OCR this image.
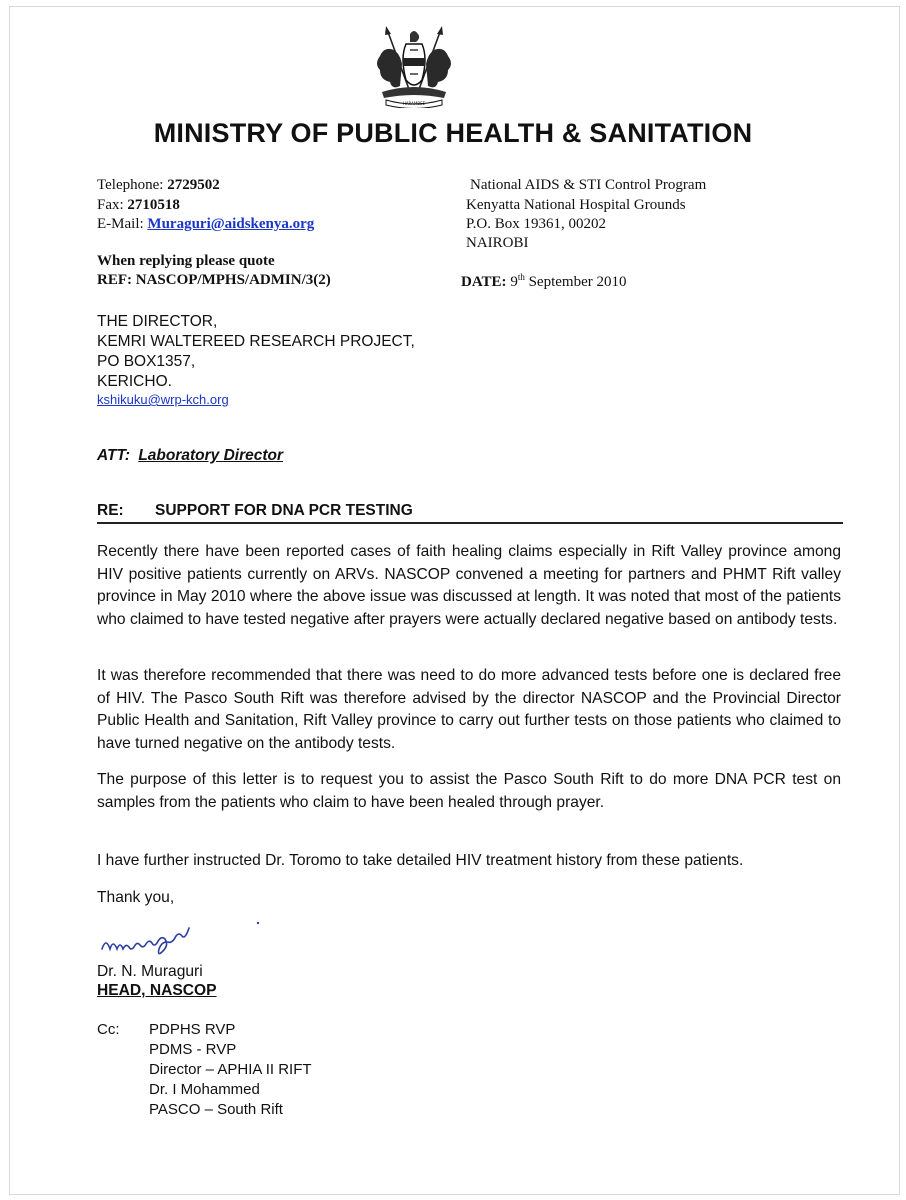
HARAMBEE
MINISTRY OF PUBLIC HEALTH & SANITATION
Telephone: 2729502
Fax: 2710518
E-Mail: Muraguri@aidskenya.org
National AIDS & STI Control Program
Kenyatta National Hospital Grounds
P.O. Box 19361, 00202
NAIROBI
When replying please quote
REF: NASCOP/MPHS/ADMIN/3(2)	DATE: 9th September 2010
THE DIRECTOR,
KEMRI WALTEREED RESEARCH PROJECT,
PO BOX1357,
KERICHO.
kshikuku@wrp-kch.org
ATT: Laboratory Director
RE: SUPPORT FOR DNA PCR TESTING
Recently there have been reported cases of faith healing claims especially in Rift Valley province among HIV positive patients currently on ARVs. NASCOP convened a meeting for partners and PHMT Rift valley province in May 2010 where the above issue was discussed at length. It was noted that most of the patients who claimed to have tested negative after prayers were actually declared negative based on antibody tests.
It was therefore recommended that there was need to do more advanced tests before one is declared free of HIV. The Pasco South Rift was therefore advised by the director NASCOP and the Provincial Director Public Health and Sanitation, Rift Valley province to carry out further tests on those patients who claimed to have turned negative on the antibody tests.
The purpose of this letter is to request you to assist the Pasco South Rift to do more DNA PCR test on samples from the patients who claim to have been healed through prayer.
I have further instructed Dr. Toromo to take detailed HIV treatment history from these patients.
Thank you,
Dr. N. Muraguri
HEAD, NASCOP
Cc: PDPHS RVP
PDMS - RVP
Director – APHIA II RIFT
Dr. I Mohammed
PASCO – South Rift
